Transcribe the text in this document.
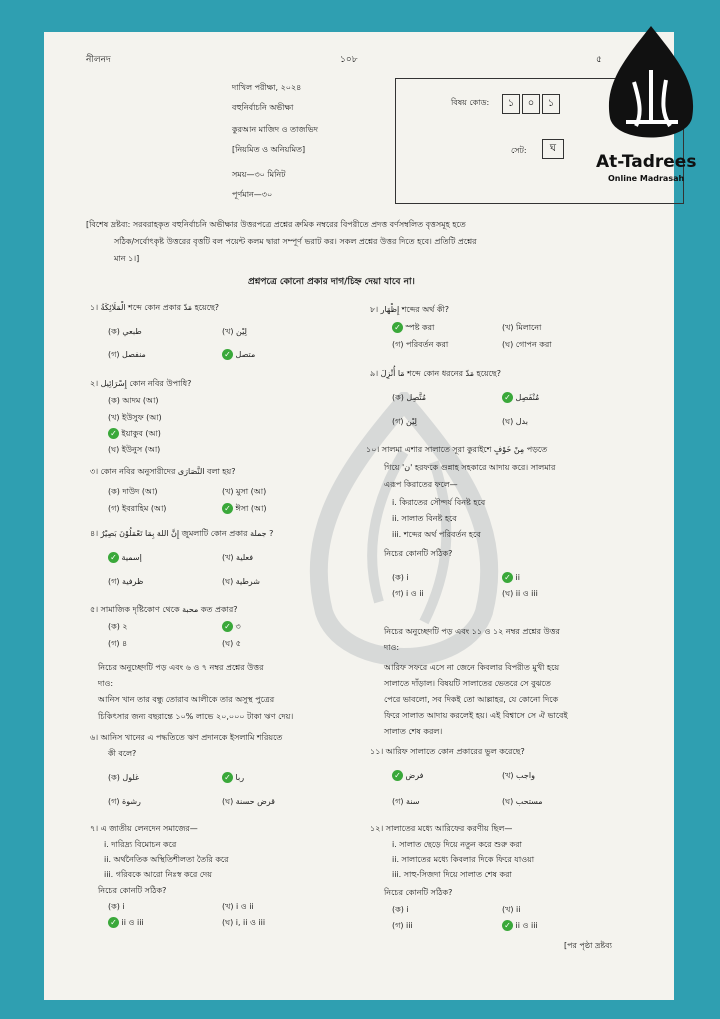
নীলনদ	১০৮	৫
দাখিল পরীক্ষা, ২০২৪
বহুনির্বাচনি অভীক্ষা
কুরআন মাজিদ ও তাজভিদ
[নিয়মিত ও অনিয়মিত]
সময়—৩০ মিনিট
পূর্ণমান—৩০
বিষয় কোড:	১	০	১
সেট:	ঘ
At-Tadrees
Online Madrasah
[বিশেষ দ্রষ্টব্য: সরবরাহকৃত বহুনির্বাচনি অভীক্ষার উত্তরপত্রে প্রশ্নের ক্রমিক নম্বরের বিপরীতে প্রদত্ত বর্ণসম্বলিত বৃত্তসমূহ হতে
সঠিক/সর্বোৎকৃষ্ট উত্তরের বৃত্তটি বল পয়েন্ট কলম দ্বারা সম্পূর্ণ ভরাট কর। সকল প্রশ্নের উত্তর দিতে হবে। প্রতিটি প্রশ্নের
মান ১।]
প্রশ্নপত্রে কোনো প্রকার দাগ/চিহ্ন দেয়া যাবে না।
১। الْمَلَائِكَةُ শব্দে কোন প্রকার مَدّ হয়েছে?
(ক) طبعي	(খ) لِيْن
(গ) منفصل	✓ متصل
২। إِسْرَائِيل কোন নবির উপাধি?
(ক) আদম (আ)
(খ) ইউসুফ (আ)
✓ ইয়াকুব (আ)
(ঘ) ইউনুস (আ)
৩। কোন নবির অনুসারীদের النَّصَارَى বলা হয়?
(ক) দাউদ (আ)	(খ) মুসা (আ)
(গ) ইবরাহিম (আ)	✓ ঈসা (আ)
৪। إِنَّ اللهَ بِمَا تَعْمَلُوْنَ بَصِيْرٌ জুমলাটি কোন প্রকার جملة ?
✓ إسمية	(খ) فعلية
(গ) ظرفية	(ঘ) شرطية
৫। সামাজিক দৃষ্টিকোণ থেকে محبة কত প্রকার?
(ক) ২	✓ ৩
(গ) ৪	(ঘ) ৫
নিচের অনুচ্ছেদটি পড় এবং ৬ ও ৭ নম্বর প্রশ্নের উত্তর
দাও:
আনিস খান তার বন্ধু তোরাব আলীকে তার অসুস্থ পুত্রের
চিকিৎসার জন্য বছরান্তে ১০% লাভে ২০,০০০ টাকা ঋণ দেয়।
৬। আনিস খানের এ পদ্ধতিতে ঋণ প্রদানকে ইসলামি শরিয়তে
কী বলে?
(ক) غلول	✓ ربا
(গ) رشوة	(ঘ) قرض حسنة
৭। এ জাতীয় লেনদেন সমাজের—
i. দারিদ্র্য বিমোচন করে
ii. অর্থনৈতিক অস্থিতিশীলতা তৈরি করে
iii. গরিবকে আরো নিঃস্ব করে দেয়
নিচের কোনটি সঠিক?
(ক) i	(খ) i ও ii
✓ ii ও iii	(ঘ) i, ii ও iii
৮। إِظْهَار শব্দের অর্থ কী?
✓ স্পষ্ট করা	(খ) মিলানো
(গ) পরিবর্তন করা	(ঘ) গোপন করা
৯। مَا أُنْزِلَ শব্দে কোন ধরনের مَدّ হয়েছে?
(ক) مُتَّصِل	✓ مُنْفَصِل
(গ) لِيْن	(ঘ) بدل
১০। সালমা এশার সালাতে সূরা কুরাইশে مِنْ خَوْفٍ পড়তে
গিয়ে 'ن' হরফকে গুন্নাহ সহকারে আদায় করে। সালমার
এরূপ কিরাতের ফলে—
i. কিরাতের সৌন্দর্য বিনষ্ট হবে
ii. সালাত বিনষ্ট হবে
iii. শব্দের অর্থ পরিবর্তন হবে
নিচের কোনটি সঠিক?
(ক) i	✓ ii
(গ) i ও ii	(ঘ) ii ও iii
নিচের অনুচ্ছেদটি পড় এবং ১১ ও ১২ নম্বর প্রশ্নের উত্তর
দাও:
আরিফ সফরে এসে না জেনে কিবলার বিপরীত মুখী হয়ে
সালাতে দাঁড়াল। বিষয়টি সালাতের ভেতরে সে বুঝতে
পেরে ভাবলো, সব দিকই তো আল্লাহর, যে কোনো দিকে
ফিরে সালাত আদায় করলেই হয়। এই বিশ্বাসে সে ঐ ভাবেই
সালাত শেষ করল।
১১। আরিফ সালাতে কোন প্রকারের ভুল করেছে?
✓ فرض	(খ) واجب
(গ) سنة	(ঘ) مستحب
১২। সালাতের মধ্যে আরিফের করণীয় ছিল—
i. সালাত ছেড়ে দিয়ে নতুন করে শুরু করা
ii. সালাতের মধ্যে কিবলার দিকে ফিরে যাওয়া
iii. সাহু-সিজদা দিয়ে সালাত শেষ করা
নিচের কোনটি সঠিক?
(ক) i	(খ) ii
(গ) iii	✓ ii ও iii
[পর পৃষ্ঠা দ্রষ্টব্য
